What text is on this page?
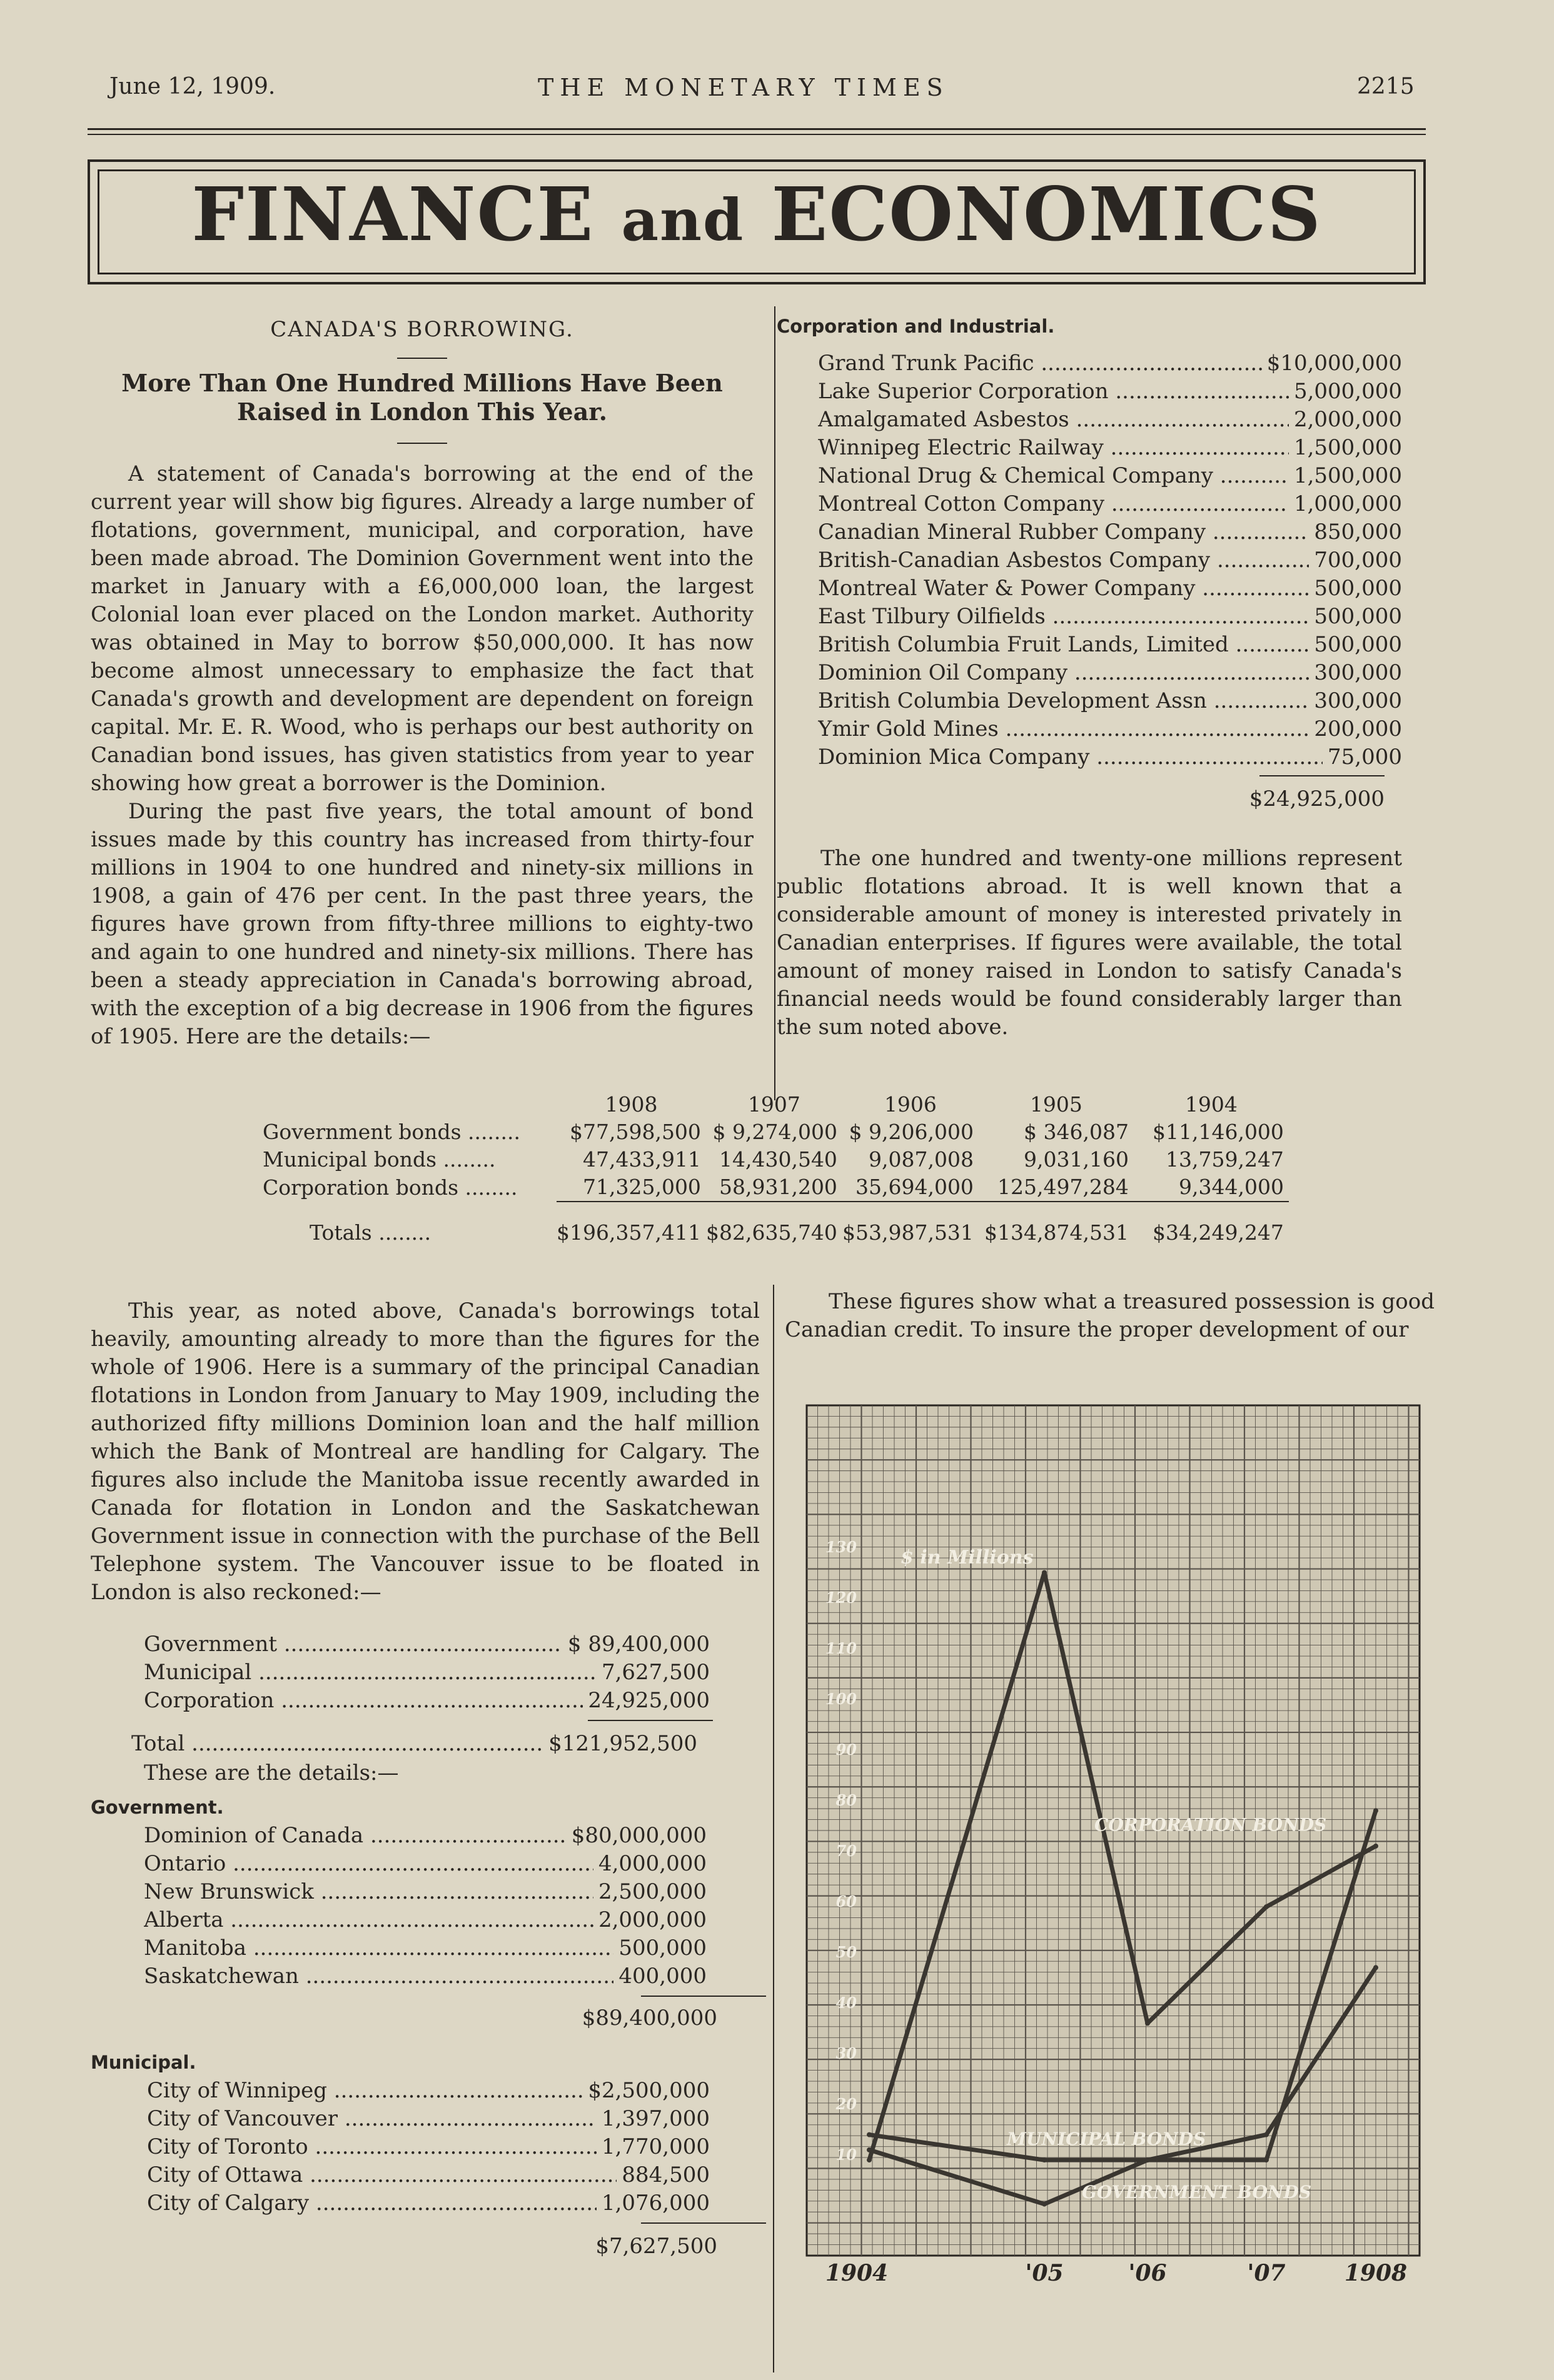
June 12, 1909.	THE MONETARY TIMES	2215
FINANCE and ECONOMICS
CANADA'S BORROWING.
More Than One Hundred Millions Have Been Raised in London This Year.

A statement of Canada's borrowing at the end of the current year will show big figures. Already a large number of flotations, government, municipal, and corporation, have been made abroad. The Dominion Government went into the market in January with a £6,000,000 loan, the largest Colonial loan ever placed on the London market. Authority was obtained in May to borrow $50,000,000. It has now become almost unnecessary to emphasize the fact that Canada's growth and development are dependent on foreign capital. Mr. E. R. Wood, who is perhaps our best authority on Canadian bond issues, has given statistics from year to year showing how great a borrower is the Dominion.

During the past five years, the total amount of bond issues made by this country has increased from thirty-four millions in 1904 to one hundred and ninety-six millions in 1908, a gain of 476 per cent. In the past three years, the figures have grown from fifty-three millions to eighty-two and again to one hundred and ninety-six millions. There has been a steady appreciation in Canada's borrowing abroad, with the exception of a big decrease in 1906 from the figures of 1905. Here are the details:—

Corporation and Industrial.
Grand Trunk Pacific .....	$10,000,000
Lake Superior Corporation .....	5,000,000
Amalgamated Asbestos .....	2,000,000
Winnipeg Electric Railway .....	1,500,000
National Drug & Chemical Company .....	1,500,000
Montreal Cotton Company .....	1,000,000
Canadian Mineral Rubber Company .....	850,000
British-Canadian Asbestos Company .....	700,000
Montreal Water & Power Company .....	500,000
East Tilbury Oilfields .....	500,000
British Columbia Fruit Lands, Limited .....	500,000
Dominion Oil Company .....	300,000
British Columbia Development Assn .....	300,000
Ymir Gold Mines .....	200,000
Dominion Mica Company .....	75,000
$24,925,000

The one hundred and twenty-one millions represent public flotations abroad. It is well known that a considerable amount of money is interested privately in Canadian enterprises. If figures were available, the total amount of money raised in London to satisfy Canada's financial needs would be found considerably larger than the sum noted above.

	1908	1907	1906	1905	1904
Government bonds ........	$77,598,500	$ 9,274,000	$ 9,206,000	$ 346,087	$11,146,000
Municipal bonds ........	47,433,911	14,430,540	9,087,008	9,031,160	13,759,247
Corporation bonds ........	71,325,000	58,931,200	35,694,000	125,497,284	9,344,000

Totals ........	$196,357,411	$82,635,740	$53,987,531	$134,874,531	$34,249,247

This year, as noted above, Canada's borrowings total heavily, amounting already to more than the figures for the whole of 1906. Here is a summary of the principal Canadian flotations in London from January to May 1909, including the authorized fifty millions Dominion loan and the half million which the Bank of Montreal are handling for Calgary. The figures also include the Manitoba issue recently awarded in Canada for flotation in London and the Saskatchewan Government issue in connection with the purchase of the Bell Telephone system. The Vancouver issue to be floated in London is also reckoned:—

Government .....	$ 89,400,000
Municipal .....	7,627,500
Corporation .....	24,925,000
Total .....	$121,952,500
These are the details:—
Government.
Dominion of Canada .....	$80,000,000
Ontario .....	4,000,000
New Brunswick .....	2,500,000
Alberta .....	2,000,000
Manitoba .....	500,000
Saskatchewan .....	400,000
$89,400,000
Municipal.
City of Winnipeg .....	$2,500,000
City of Vancouver .....	1,397,000
City of Toronto .....	1,770,000
City of Ottawa .....	884,500
City of Calgary .....	1,076,000
$7,627,500

These figures show what a treasured possession is good Canadian credit. To insure the proper development of our

10
20
30
40
50
60
70
80
90
100
110
120
130 $ in Millions
CORPORATION BONDS
MUNICIPAL BONDS
GOVERNMENT BONDS
1904	'05	'06	'07	1908
